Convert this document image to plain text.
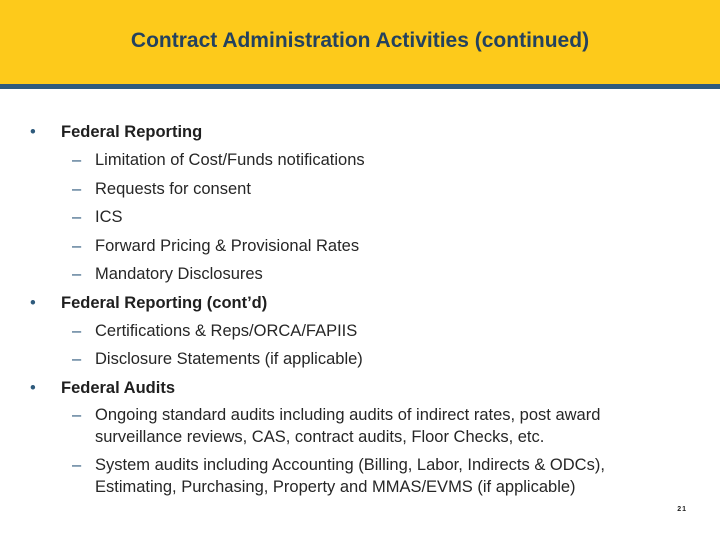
Contract Administration Activities (continued)
• Federal Reporting
– Limitation of Cost/Funds notifications
– Requests for consent
– ICS
– Forward Pricing & Provisional Rates
– Mandatory Disclosures
• Federal Reporting (cont’d)
– Certifications & Reps/ORCA/FAPIIS
– Disclosure Statements (if applicable)
• Federal Audits
– Ongoing standard audits including audits of indirect rates, post award surveillance reviews, CAS, contract audits, Floor Checks, etc.
– System audits including Accounting (Billing, Labor, Indirects & ODCs), Estimating, Purchasing, Property and MMAS/EVMS (if applicable)
21
